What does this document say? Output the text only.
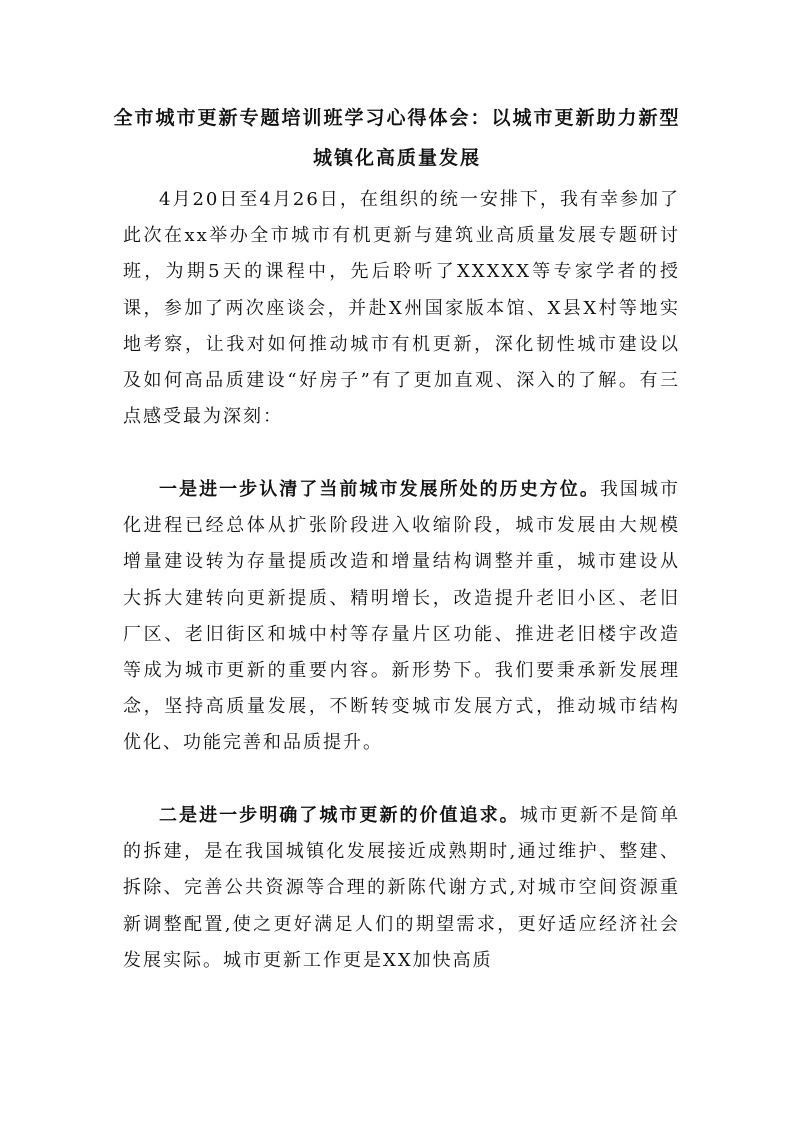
全市城市更新专题培训班学习心得体会：以城市更新助力新型城镇化高质量发展

4月20日至4月26日，在组织的统一安排下，我有幸参加了此次在xx举办全市城市有机更新与建筑业高质量发展专题研讨班，为期5天的课程中，先后聆听了XXXXX等专家学者的授课，参加了两次座谈会，并赴X州国家版本馆、X县X村等地实地考察，让我对如何推动城市有机更新，深化韧性城市建设以及如何高品质建设“好房子”有了更加直观、深入的了解。有三点感受最为深刻：

一是进一步认清了当前城市发展所处的历史方位。我国城市化进程已经总体从扩张阶段进入收缩阶段，城市发展由大规模增量建设转为存量提质改造和增量结构调整并重，城市建设从大拆大建转向更新提质、精明增长，改造提升老旧小区、老旧厂区、老旧街区和城中村等存量片区功能、推进老旧楼宇改造等成为城市更新的重要内容。新形势下。我们要秉承新发展理念，坚持高质量发展，不断转变城市发展方式，推动城市结构优化、功能完善和品质提升。

二是进一步明确了城市更新的价值追求。城市更新不是简单的拆建，是在我国城镇化发展接近成熟期时,通过维护、整建、拆除、完善公共资源等合理的新陈代谢方式,对城市空间资源重新调整配置,使之更好满足人们的期望需求，更好适应经济社会发展实际。城市更新工作更是XX加快高质
